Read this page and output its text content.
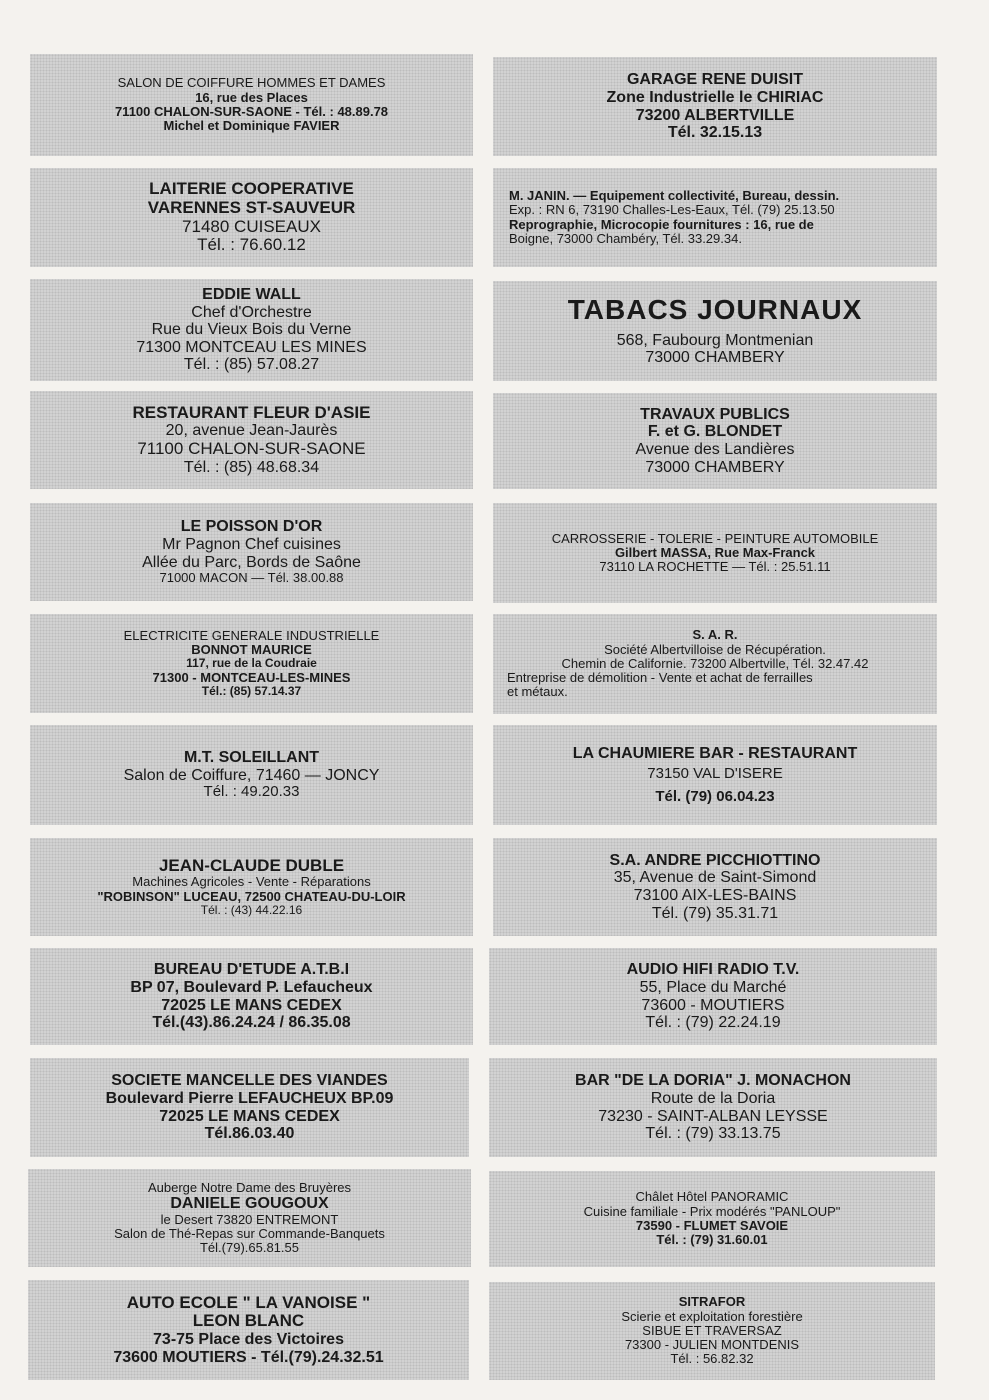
SALON DE COIFFURE HOMMES ET DAMES
16, rue des Places
71100 CHALON-SUR-SAONE - Tél. : 48.89.78
Michel et Dominique FAVIER
LAITERIE COOPERATIVE
VARENNES ST-SAUVEUR
71480 CUISEAUX
Tél. : 76.60.12
EDDIE WALL
Chef d'Orchestre
Rue du Vieux Bois du Verne
71300 MONTCEAU LES MINES
Tél. : (85) 57.08.27
RESTAURANT FLEUR D'ASIE
20, avenue Jean-Jaurès
71100 CHALON-SUR-SAONE
Tél. : (85) 48.68.34
LE POISSON D'OR
Mr Pagnon Chef cuisines
Allée du Parc, Bords de Saône
71000 MACON — Tél. 38.00.88
ELECTRICITE GENERALE INDUSTRIELLE
BONNOT MAURICE
117, rue de la Coudraie
71300 - MONTCEAU-LES-MINES
Tél.: (85) 57.14.37
M.T. SOLEILLANT
Salon de Coiffure, 71460 — JONCY
Tél. : 49.20.33
JEAN-CLAUDE DUBLE
Machines Agricoles - Vente - Réparations
"ROBINSON" LUCEAU, 72500 CHATEAU-DU-LOIR
Tél. : (43) 44.22.16
BUREAU D'ETUDE A.T.B.I
BP 07, Boulevard P. Lefaucheux
72025 LE MANS CEDEX
Tél.(43).86.24.24 / 86.35.08
SOCIETE MANCELLE DES VIANDES
Boulevard Pierre LEFAUCHEUX BP.09
72025 LE MANS CEDEX
Tél.86.03.40
Auberge Notre Dame des Bruyères
DANIELE GOUGOUX
le Desert 73820 ENTREMONT
Salon de Thé-Repas sur Commande-Banquets
Tél.(79).65.81.55
AUTO ECOLE " LA VANOISE "
LEON BLANC
73-75 Place des Victoires
73600 MOUTIERS - Tél.(79).24.32.51
GARAGE RENE DUISIT
Zone Industrielle le CHIRIAC
73200 ALBERTVILLE
Tél. 32.15.13
M. JANIN. — Equipement collectivité, Bureau, dessin.
Exp. : RN 6, 73190 Challes-Les-Eaux, Tél. (79) 25.13.50
Reprographie, Microcopie fournitures : 16, rue de
Boigne, 73000 Chambéry, Tél. 33.29.34.
TABACS JOURNAUX
568, Faubourg Montmenian
73000 CHAMBERY
TRAVAUX PUBLICS
F. et G. BLONDET
Avenue des Landières
73000 CHAMBERY
CARROSSERIE - TOLERIE - PEINTURE AUTOMOBILE
Gilbert MASSA, Rue Max-Franck
73110 LA ROCHETTE — Tél. : 25.51.11
S. A. R.
Société Albertvilloise de Récupération.
Chemin de Californie. 73200 Albertville, Tél. 32.47.42
Entreprise de démolition - Vente et achat de ferrailles
et métaux.
LA CHAUMIERE BAR - RESTAURANT
73150 VAL D'ISERE
Tél. (79) 06.04.23
S.A. ANDRE PICCHIOTTINO
35, Avenue de Saint-Simond
73100 AIX-LES-BAINS
Tél. (79) 35.31.71
AUDIO HIFI RADIO T.V.
55, Place du Marché
73600 - MOUTIERS
Tél. : (79) 22.24.19
BAR "DE LA DORIA" J. MONACHON
Route de la Doria
73230 - SAINT-ALBAN LEYSSE
Tél. : (79) 33.13.75
Châlet Hôtel PANORAMIC
Cuisine familiale - Prix modérés "PANLOUP"
73590 - FLUMET SAVOIE
Tél. : (79) 31.60.01
SITRAFOR
Scierie et exploitation forestière
SIBUE ET TRAVERSAZ
73300 - JULIEN MONTDENIS
Tél. : 56.82.32
